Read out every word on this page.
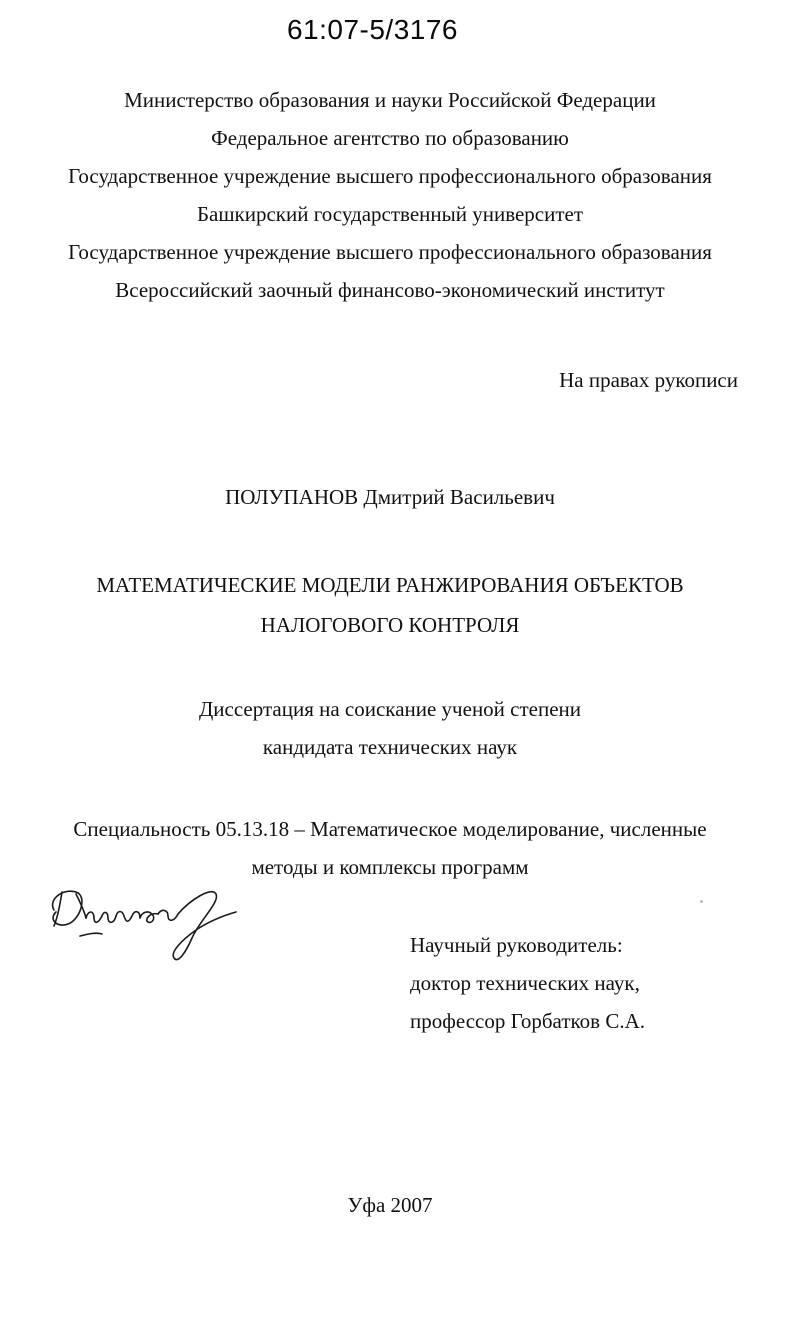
61:07-5/3176
Министерство образования и науки Российской Федерации
Федеральное агентство по образованию
Государственное учреждение высшего профессионального образования
Башкирский государственный университет
Государственное учреждение высшего профессионального образования
Всероссийский заочный финансово-экономический институт
На правах рукописи
ПОЛУПАНОВ Дмитрий Васильевич
МАТЕМАТИЧЕСКИЕ МОДЕЛИ РАНЖИРОВАНИЯ ОБЪЕКТОВ
НАЛОГОВОГО КОНТРОЛЯ
Диссертация на соискание ученой степени
кандидата технических наук
Специальность 05.13.18 – Математическое моделирование, численные
методы и комплексы программ
Научный руководитель:
доктор технических наук,
профессор Горбатков С.А.
Уфа 2007
